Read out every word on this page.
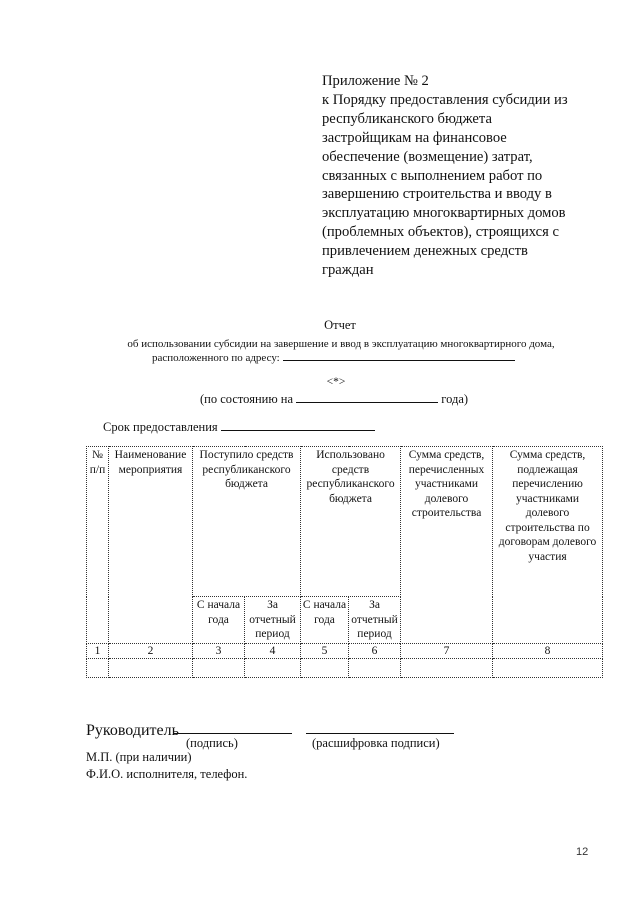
Приложение № 2
к Порядку предоставления субсидии из
республиканского бюджета
застройщикам на финансовое
обеспечение (возмещение) затрат,
связанных с выполнением работ по
завершению строительства и вводу в
эксплуатацию многоквартирных домов
(проблемных объектов), строящихся с
привлечением денежных средств
граждан
Отчет
об использовании субсидии на завершение и ввод в эксплуатацию многоквартирного дома,
расположенного по адресу:
<*>
(по состоянию на	года)
Срок предоставления
№ п/п	Наименование мероприятия	Поступило средств республиканского бюджета		Использовано средств республиканского бюджета		Сумма средств, перечисленных участниками долевого строительства	Сумма средств, подлежащая перечислению участниками долевого строительства по договорам долевого участия
		С начала года	За отчетный период	С начала года	За отчетный период		
1	2	3	4	5	6	7	8

Руководитель
(подпись)	(расшифровка подписи)
М.П. (при наличии)
Ф.И.О. исполнителя, телефон.
12
